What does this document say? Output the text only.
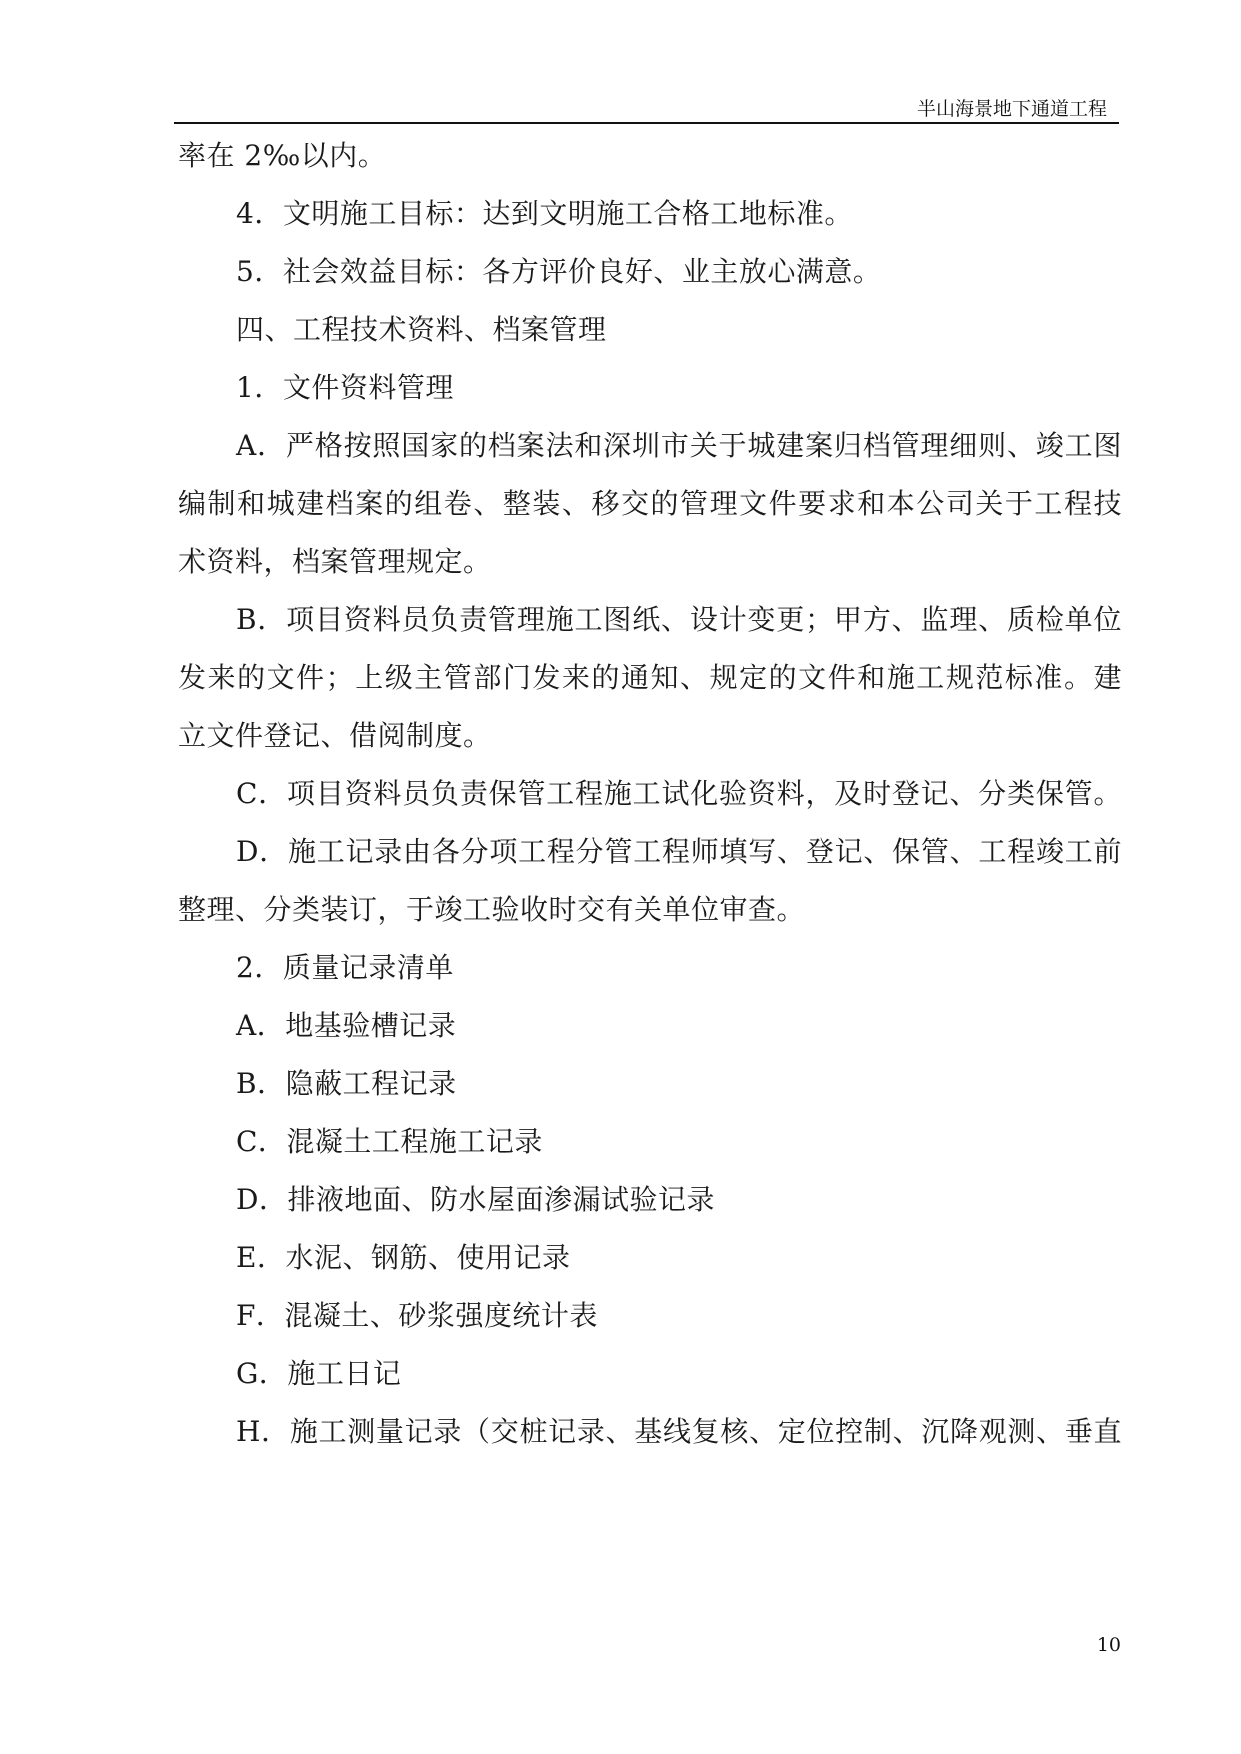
半山海景地下通道工程
率在 2‰以内。
4．文明施工目标：达到文明施工合格工地标准。
5．社会效益目标：各方评价良好、业主放心满意。
四、工程技术资料、档案管理
1．文件资料管理
A．严格按照国家的档案法和深圳市关于城建案归档管理细则、竣工图
编制和城建档案的组卷、整装、移交的管理文件要求和本公司关于工程技
术资料，档案管理规定。
B．项目资料员负责管理施工图纸、设计变更；甲方、监理、质检单位
发来的文件；上级主管部门发来的通知、规定的文件和施工规范标准。建
立文件登记、借阅制度。
C．项目资料员负责保管工程施工试化验资料，及时登记、分类保管。
D．施工记录由各分项工程分管工程师填写、登记、保管、工程竣工前
整理、分类装订，于竣工验收时交有关单位审查。
2．质量记录清单
A．地基验槽记录
B．隐蔽工程记录
C．混凝土工程施工记录
D．排液地面、防水屋面渗漏试验记录
E．水泥、钢筋、使用记录
F．混凝土、砂浆强度统计表
G．施工日记
H．施工测量记录（交桩记录、基线复核、定位控制、沉降观测、垂直
10
